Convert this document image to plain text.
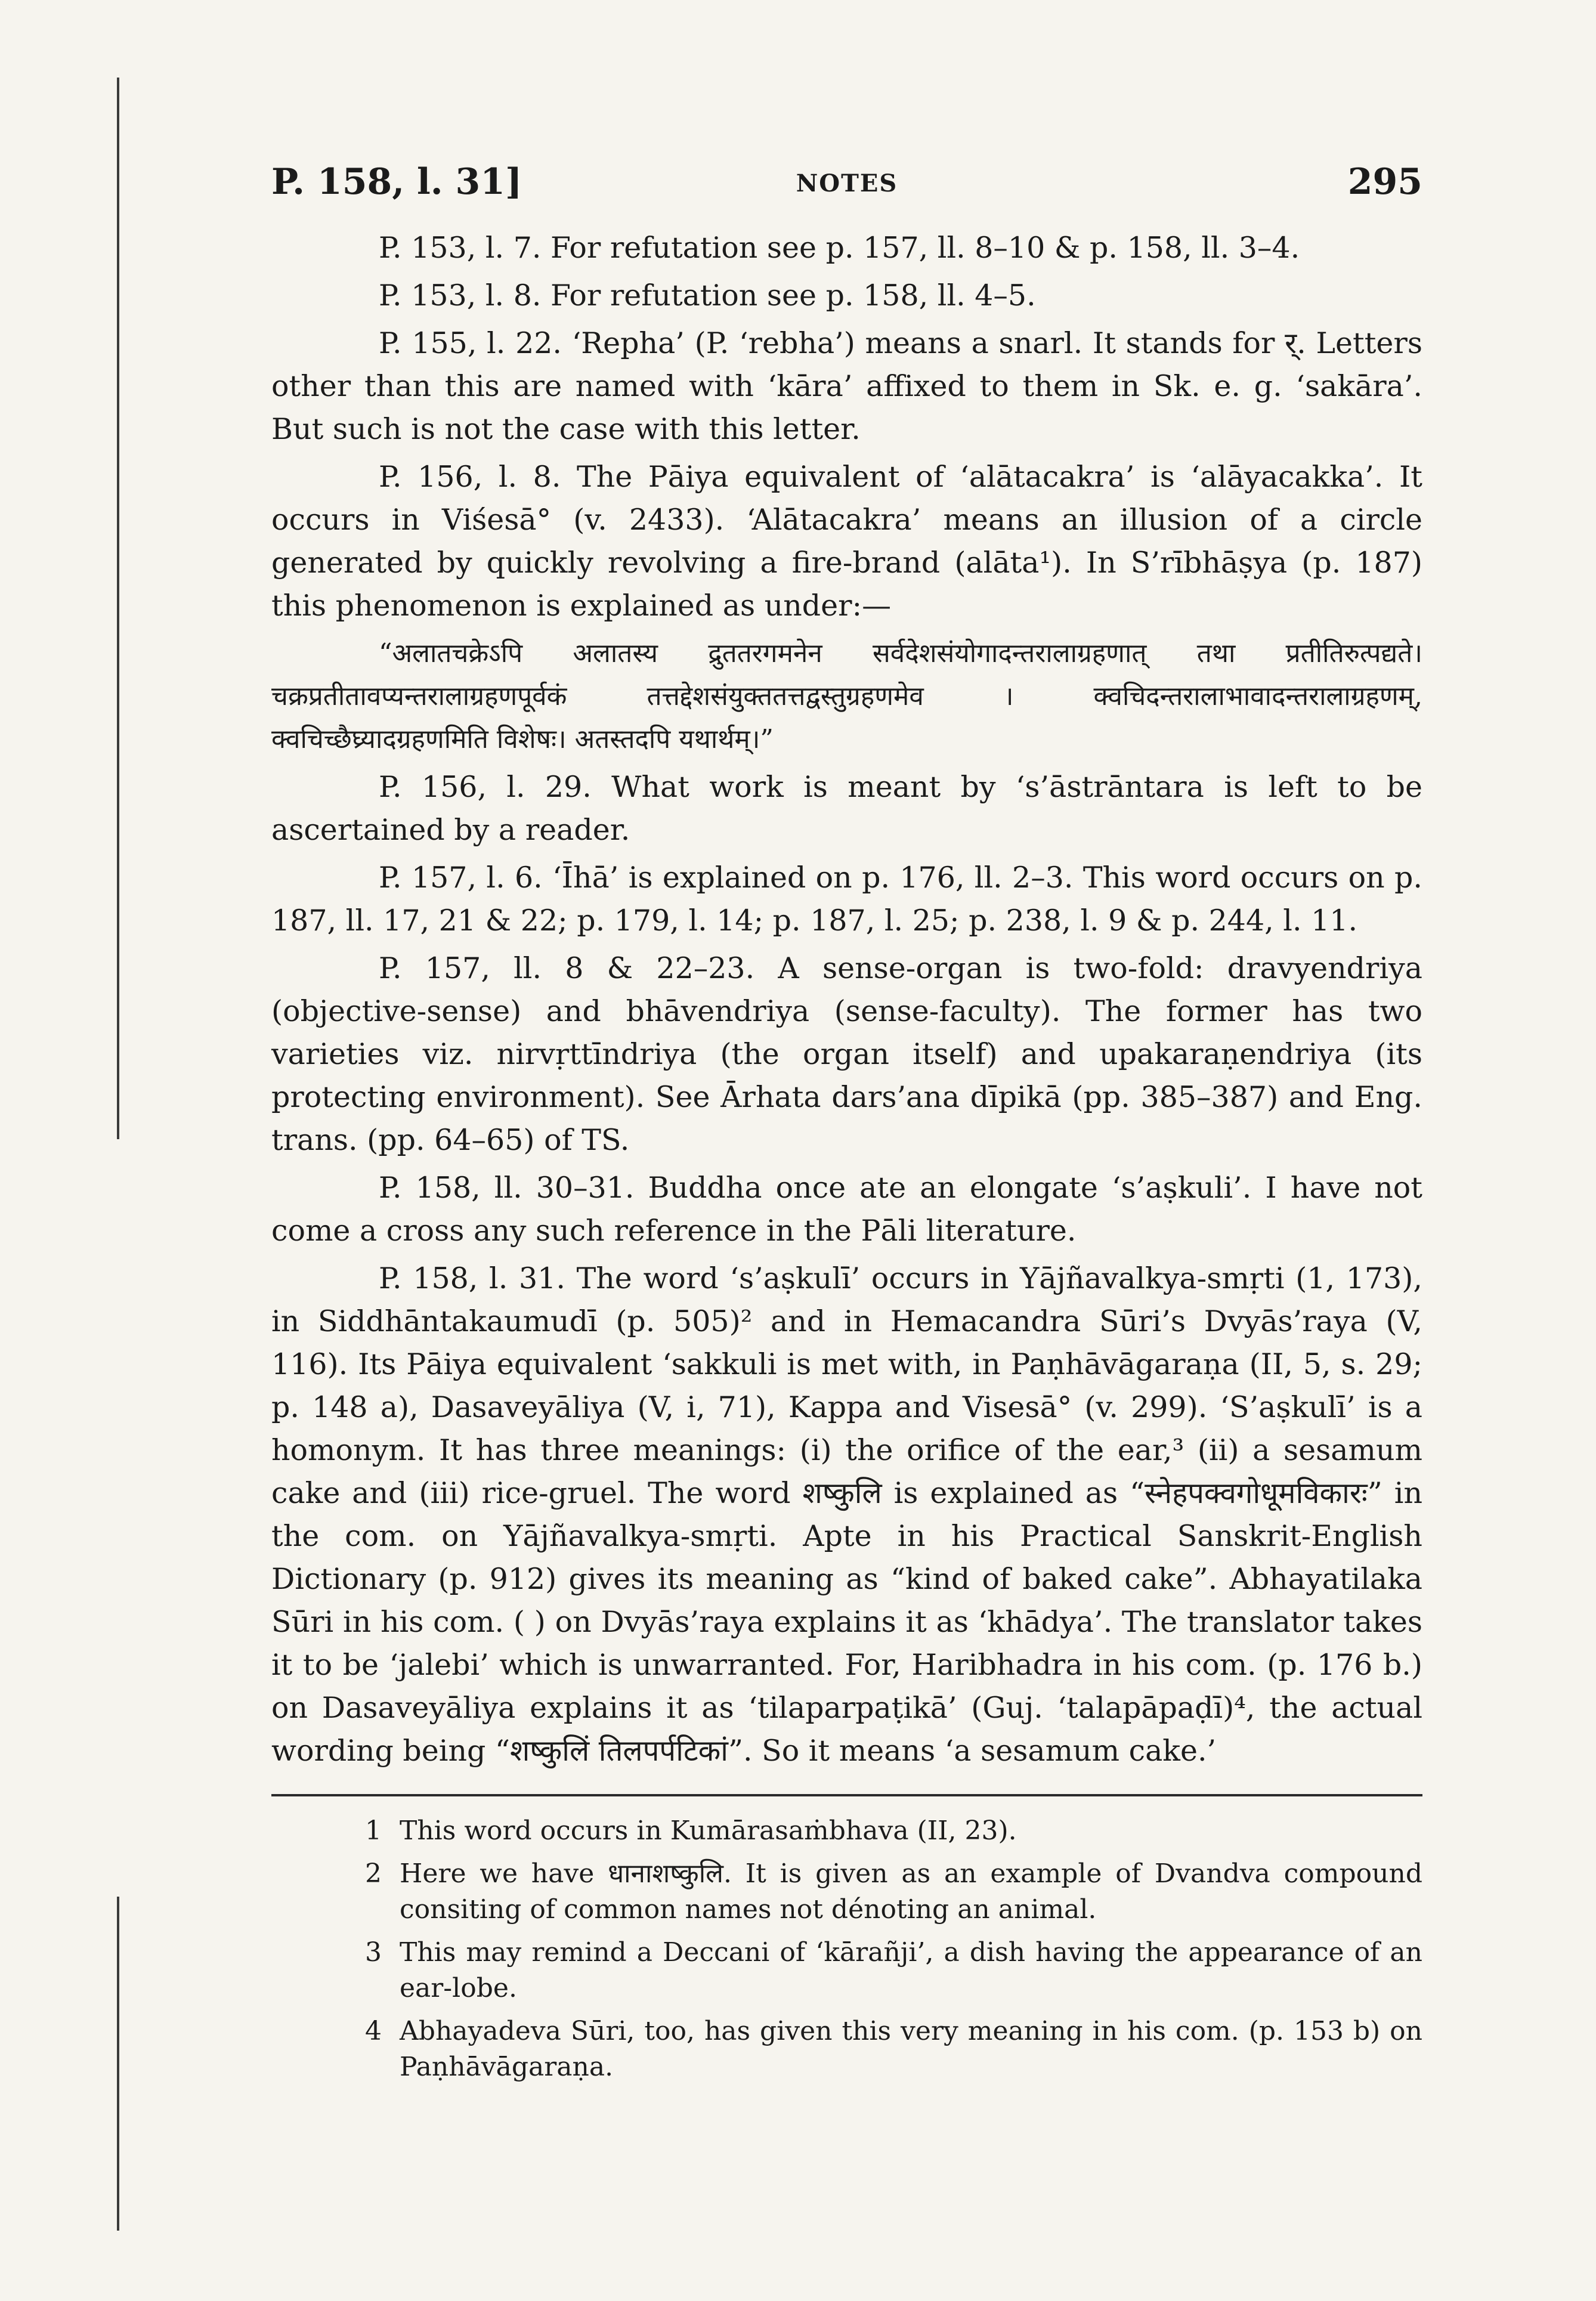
P. 158, l. 31]	NOTES	295

P. 153, l. 7. For refutation see p. 157, ll. 8–10 & p. 158, ll. 3–4.

P. 153, l. 8. For refutation see p. 158, ll. 4–5.

P. 155, l. 22. ‘Repha’ (P. ‘rebha’) means a snarl. It stands for र्. Letters other than this are named with ‘kāra’ affixed to them in Sk. e. g. ‘sakāra’. But such is not the case with this letter.

P. 156, l. 8. The Pāiya equivalent of ‘alātacakra’ is ‘alāyacakka’. It occurs in Viśesā° (v. 2433). ‘Alātacakra’ means an illusion of a circle generated by quickly revolving a fire-brand (alāta¹). In S’rībhāṣya (p. 187) this phenomenon is explained as under:—

“अलातचक्रेऽपि अलातस्य द्रुततरगमनेन सर्वदेशसंयोगादन्तरालाग्रहणात् तथा प्रतीतिरुत्पद्यते। चक्रप्रतीतावप्यन्तरालाग्रहणपूर्वकं तत्तद्देशसंयुक्ततत्तद्वस्तुग्रहणमेव । क्वचिदन्तरालाभावादन्तरालाग्रहणम्, क्वचिच्छैघ्र्यादग्रहणमिति विशेषः। अतस्तदपि यथार्थम्।”

P. 156, l. 29. What work is meant by ‘s’āstrāntara is left to be ascertained by a reader.

P. 157, l. 6. ‘Īhā’ is explained on p. 176, ll. 2–3. This word occurs on p. 187, ll. 17, 21 & 22; p. 179, l. 14; p. 187, l. 25; p. 238, l. 9 & p. 244, l. 11.

P. 157, ll. 8 & 22–23. A sense-organ is two-fold: dravyendriya (objective-sense) and bhāvendriya (sense-faculty). The former has two varieties viz. nirvṛttīndriya (the organ itself) and upakaraṇendriya (its protecting environment). See Ārhata dars’ana dīpikā (pp. 385–387) and Eng. trans. (pp. 64–65) of TS.

P. 158, ll. 30–31. Buddha once ate an elongate ‘s’aṣkuli’. I have not come a cross any such reference in the Pāli literature.

P. 158, l. 31. The word ‘s’aṣkulī’ occurs in Yājñavalkya-smṛti (1, 173), in Siddhāntakaumudī (p. 505)² and in Hemacandra Sūri’s Dvyās’raya (V, 116). Its Pāiya equivalent ‘sakkuli is met with, in Paṇhāvāgaraṇa (II, 5, s. 29; p. 148 a), Dasaveyāliya (V, i, 71), Kappa and Visesā° (v. 299). ‘S’aṣkulī’ is a homonym. It has three meanings: (i) the orifice of the ear,³ (ii) a sesamum cake and (iii) rice-gruel. The word शष्कुलि is explained as “स्नेहपक्वगोधूमविकारः” in the com. on Yājñavalkya-smṛti. Apte in his Practical Sanskrit-English Dictionary (p. 912) gives its meaning as “kind of baked cake”. Abhayatilaka Sūri in his com. ( ) on Dvyās’raya explains it as ‘khādya’. The translator takes it to be ‘jalebi’ which is unwarranted. For, Haribhadra in his com. (p. 176 b.) on Dasaveyāliya explains it as ‘tilaparpaṭikā’ (Guj. ‘talapāpaḍī)⁴, the actual wording being “शष्कुलिं तिलपर्पटिकां”. So it means ‘a sesamum cake.’

1 This word occurs in Kumārasaṁbhava (II, 23).
2 Here we have धानाशष्कुलि. It is given as an example of Dvandva compound consiting of common names not dénoting an animal.
3 This may remind a Deccani of ‘kārañji’, a dish having the appearance of an ear-lobe.
4 Abhayadeva Sūri, too, has given this very meaning in his com. (p. 153 b) on Paṇhāvāgaraṇa.
